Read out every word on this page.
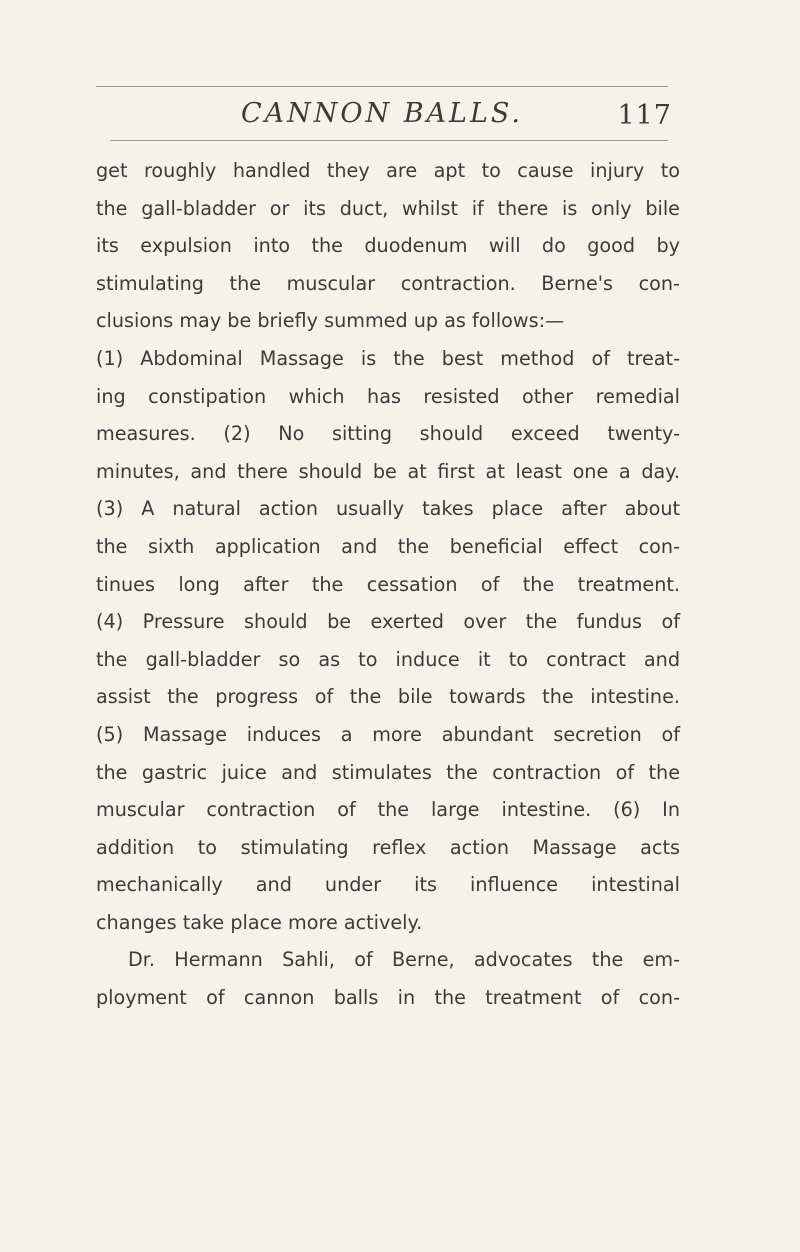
CANNON BALLS.	117
get roughly handled they are apt to cause injury to
the gall-bladder or its duct, whilst if there is only bile
its expulsion into the duodenum will do good by
stimulating the muscular contraction. Berne's con-
clusions may be briefly summed up as follows:—
(1) Abdominal Massage is the best method of treat-
ing constipation which has resisted other remedial
measures. (2) No sitting should exceed twenty-
minutes, and there should be at first at least one a day.
(3) A natural action usually takes place after about
the sixth application and the beneficial effect con-
tinues long after the cessation of the treatment.
(4) Pressure should be exerted over the fundus of
the gall-bladder so as to induce it to contract and
assist the progress of the bile towards the intestine.
(5) Massage induces a more abundant secretion of
the gastric juice and stimulates the contraction of the
muscular contraction of the large intestine. (6) In
addition to stimulating reflex action Massage acts
mechanically and under its influence intestinal
changes take place more actively.
Dr. Hermann Sahli, of Berne, advocates the em-
ployment of cannon balls in the treatment of con-
